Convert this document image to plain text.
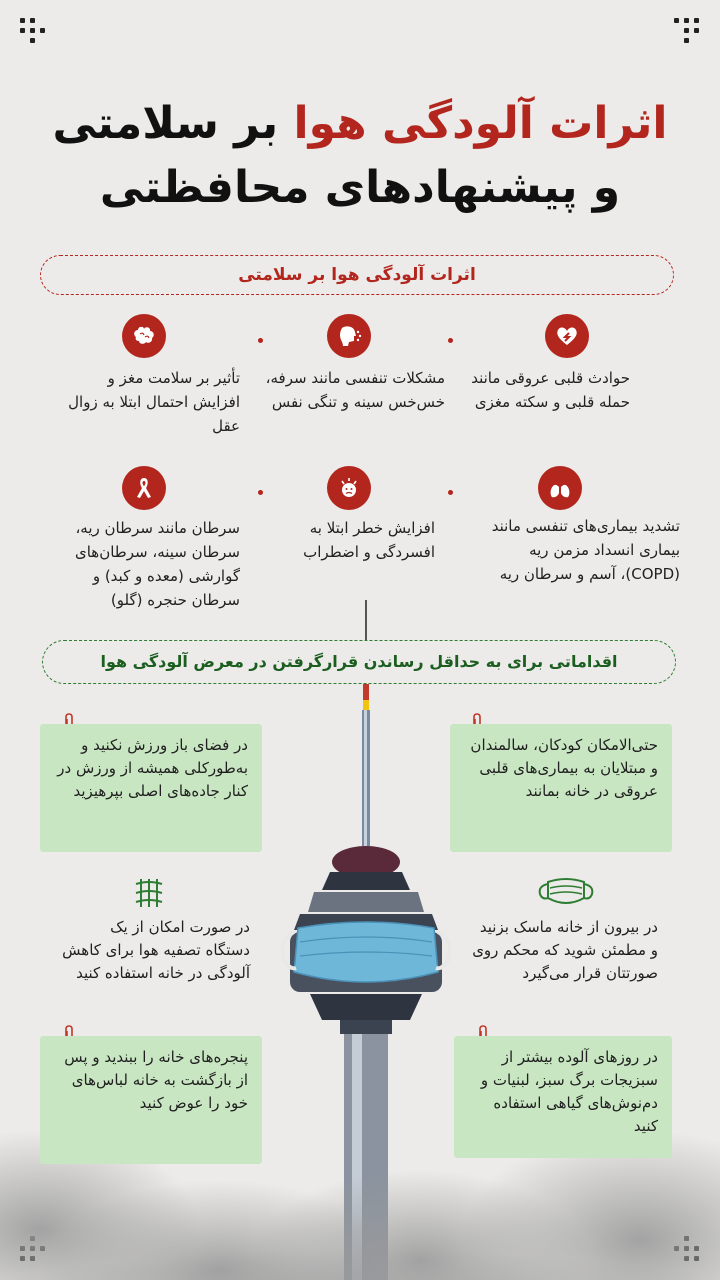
اثرات آلودگی هوا بر سلامتی
و پیشنهادهای محافظتی
اثرات آلودگی هوا بر سلامتی
حوادث قلبی عروقی مانند حمله قلبی و سکته مغزی
مشکلات تنفسی مانند سرفه، خس‌خس سینه و تنگی نفس
تأثیر بر سلامت مغز و افزایش احتمال ابتلا به زوال عقل
تشدید بیماری‌های تنفسی مانند بیماری انسداد مزمن ریه (COPD)، آسم و سرطان ریه
افزایش خطر ابتلا به افسردگی و اضطراب
سرطان مانند سرطان ریه، سرطان سینه، سرطان‌های گوارشی (معده و کبد) و سرطان حنجره (گلو)
اقداماتی برای به حداقل رساندن قرارگرفتن در معرض آلودگی هوا
حتی‌الامکان کودکان، سالمندان و مبتلایان به بیماری‌های قلبی عروقی در خانه بمانند
در فضای باز ورزش نکنید و به‌طورکلی همیشه از ورزش در کنار جاده‌های اصلی بپرهیزید
در بیرون از خانه ماسک بزنید و مطمئن شوید که محکم روی صورتتان قرار می‌گیرد
در صورت امکان از یک دستگاه تصفیه هوا برای کاهش آلودگی در خانه استفاده کنید
در روزهای آلوده بیشتر از سبزیجات برگ سبز، لبنیات و دم‌نوش‌های گیاهی استفاده کنید
پنجره‌های خانه را ببندید و پس از بازگشت به خانه لباس‌های خود را عوض کنید
